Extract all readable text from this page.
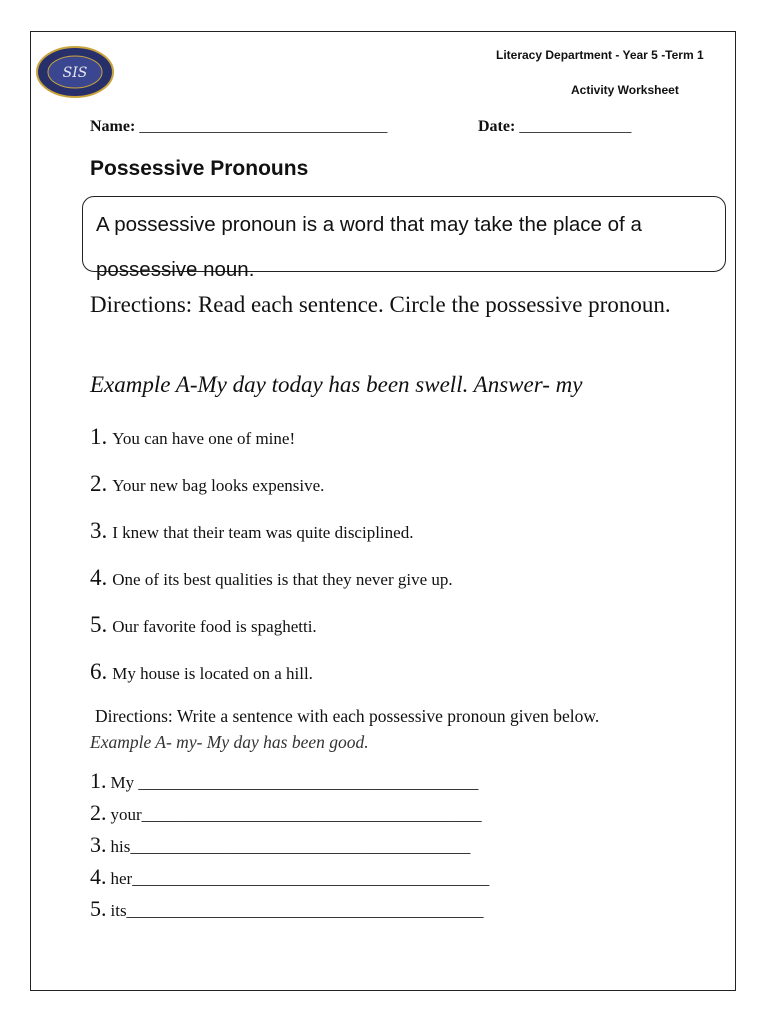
SIS
Literacy Department - Year 5 -Term 1
Activity Worksheet
Name: _______________________________	Date: ______________
Possessive Pronouns
A possessive pronoun is a word that may take the place of a possessive noun.
Directions: Read each sentence. Circle the possessive pronoun.
Example A-My day today has been swell. Answer- my
1. You can have one of mine!
2. Your new bag looks expensive.
3. I knew that their team was quite disciplined.
4. One of its best qualities is that they never give up.
5. Our favorite food is spaghetti.
6. My house is located on a hill.
Directions: Write a sentence with each possessive pronoun given below.
Example A- my- My day has been good.
1. My ________________________________________
2. your________________________________________
3. his________________________________________
4. her__________________________________________
5. its__________________________________________
